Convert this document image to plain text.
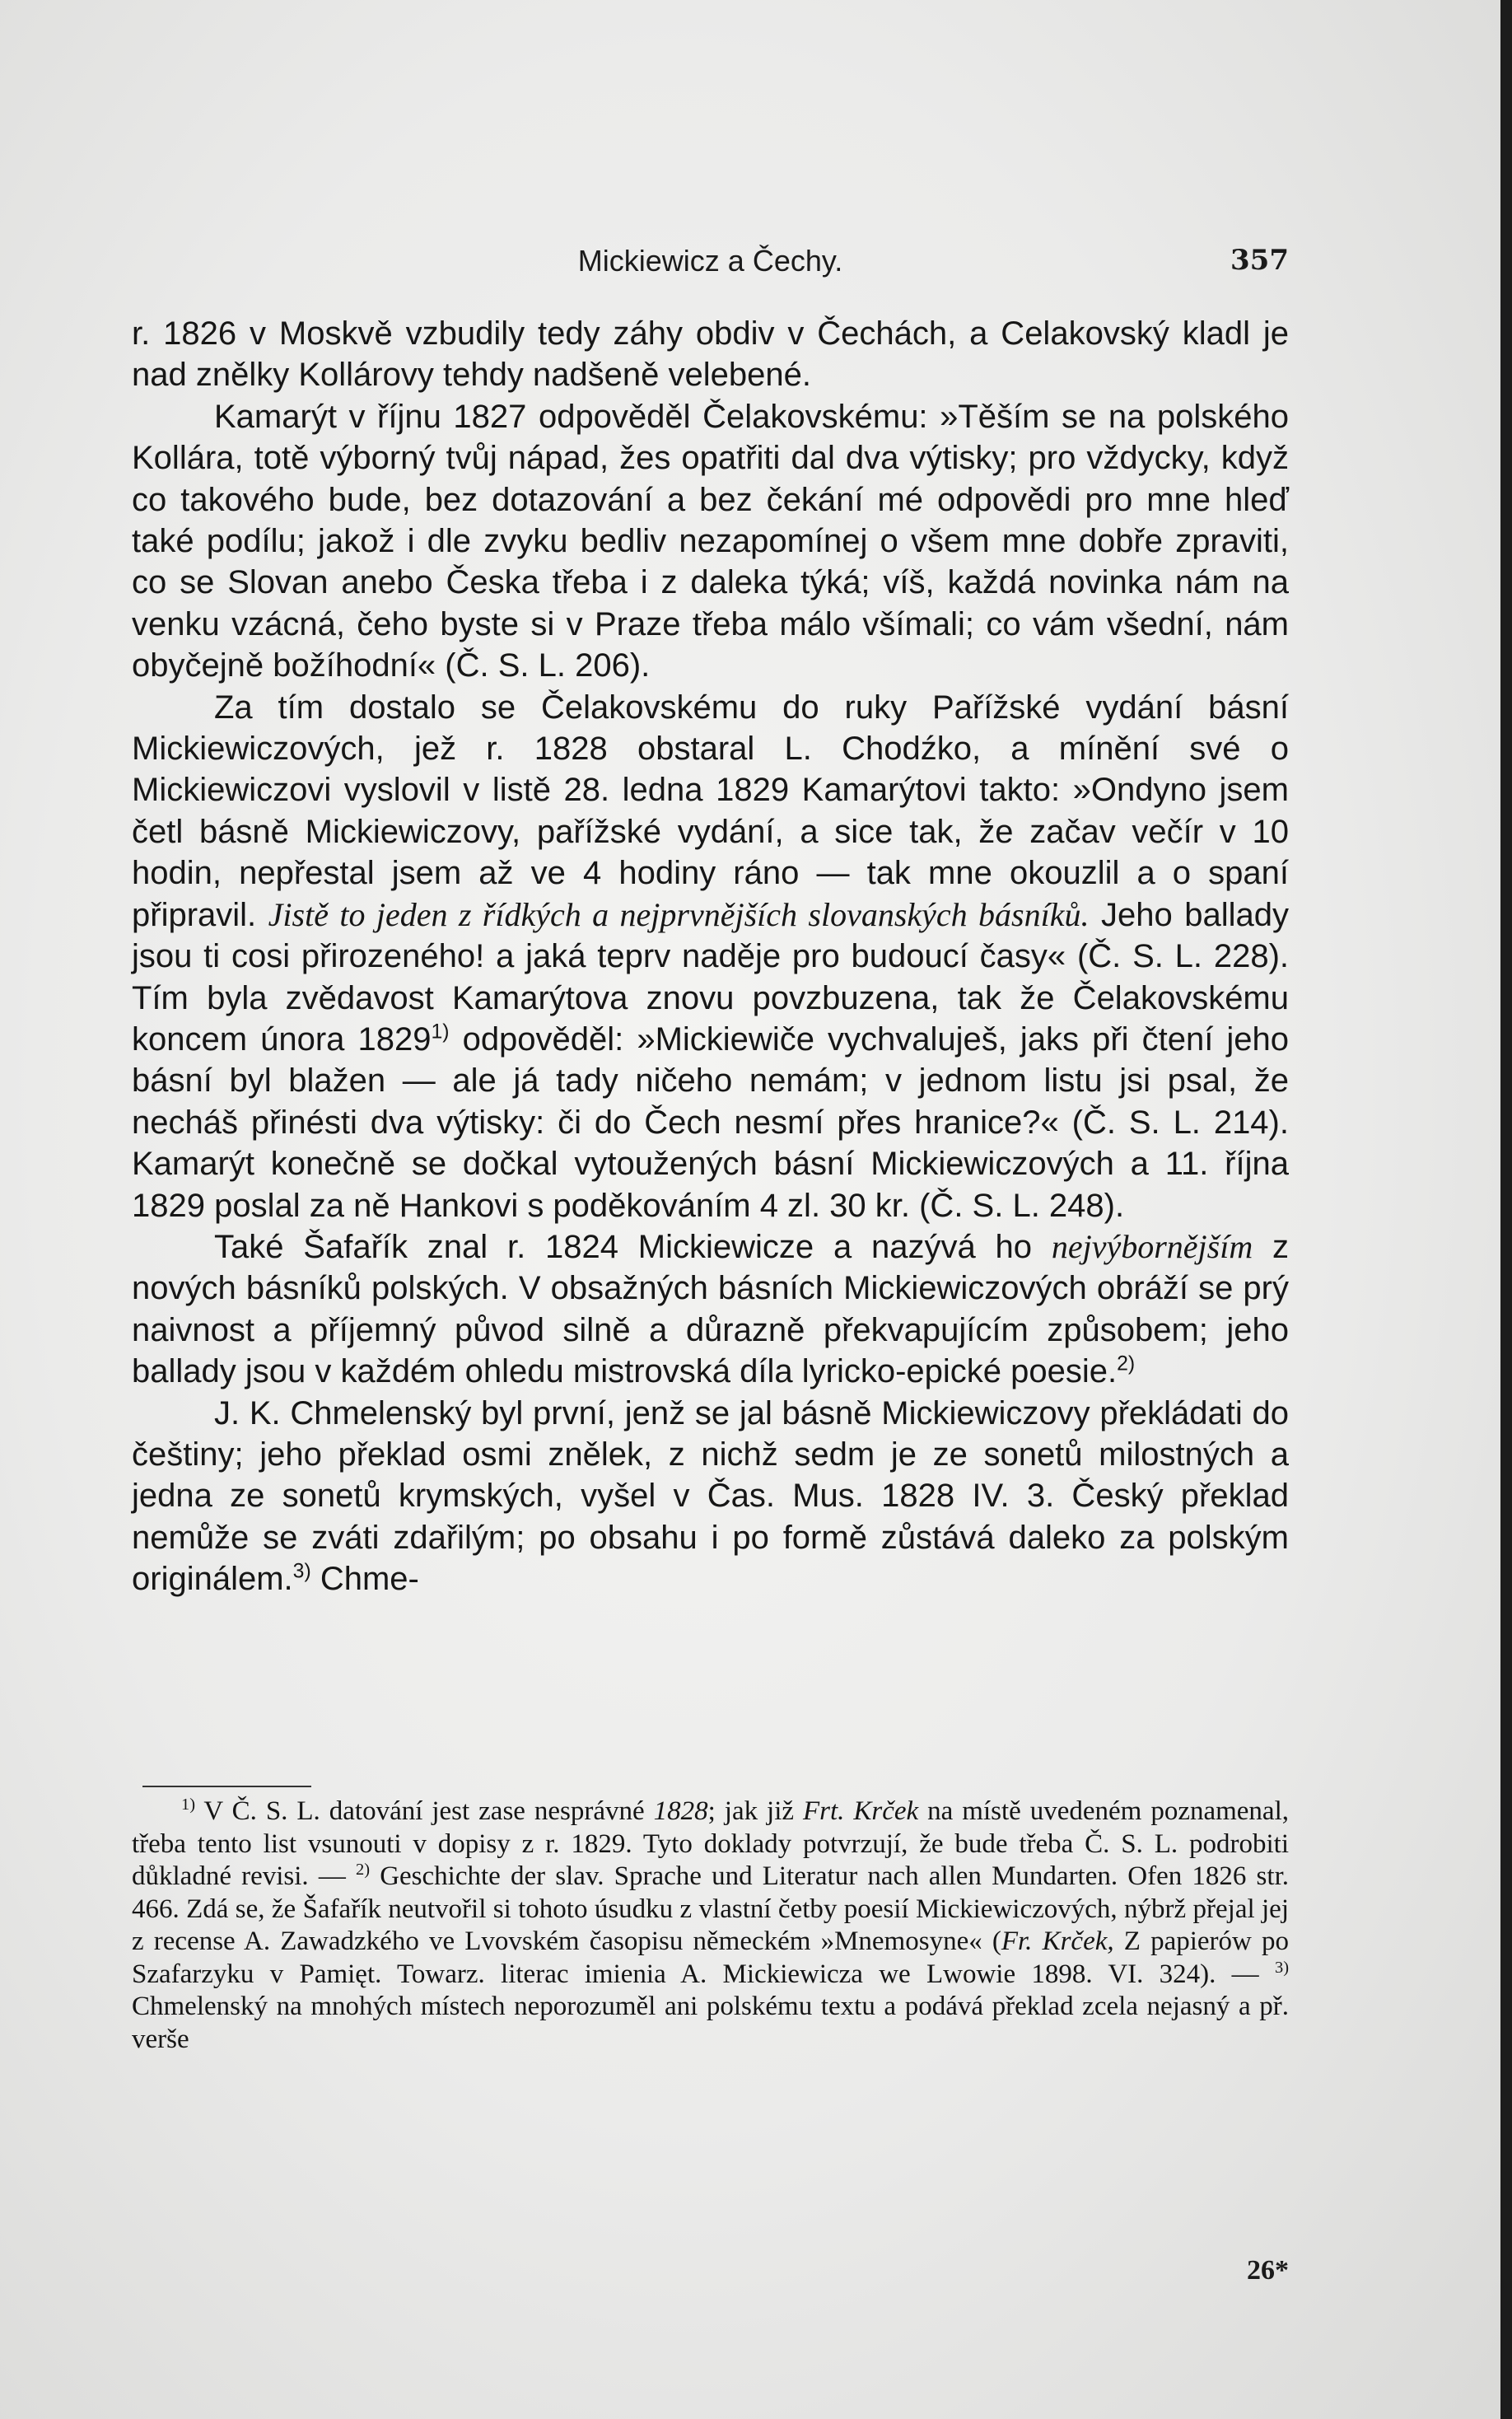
Mickiewicz a Čechy.	357

r. 1826 v Moskvě vzbudily tedy záhy obdiv v Čechách, a Celakovský kladl je nad znělky Kollárovy tehdy nadšeně velebené.

Kamarýt v říjnu 1827 odpověděl Čelakovskému: »Těším se na polského Kollára, totě výborný tvůj nápad, žes opatřiti dal dva výtisky; pro vždycky, když co takového bude, bez dotazování a bez čekání mé odpovědi pro mne hleď také podílu; jakož i dle zvyku bedliv nezapomínej o všem mne dobře zpraviti, co se Slovan anebo Česka třeba i z daleka týká; víš, každá novinka nám na venku vzácná, čeho byste si v Praze třeba málo všímali; co vám všední, nám obyčejně božíhodní« (Č. S. L. 206).

Za tím dostalo se Čelakovskému do ruky Pařížské vydání básní Mickiewiczových, jež r. 1828 obstaral L. Chodźko, a mínění své o Mickiewiczovi vyslovil v listě 28. ledna 1829 Kamarýtovi takto: »Ondyno jsem četl básně Mickiewiczovy, pařížské vydání, a sice tak, že začav večír v 10 hodin, nepřestal jsem až ve 4 hodiny ráno — tak mne okouzlil a o spaní připravil. Jistě to jeden z řídkých a nejprvnějších slovanských básníků. Jeho ballady jsou ti cosi přirozeného! a jaká teprv naděje pro budoucí časy« (Č. S. L. 228). Tím byla zvědavost Kamarýtova znovu povzbuzena, tak že Čelakovskému koncem února 1829$^{1)}$ odpověděl: »Mickiewiče vychvaluješ, jaks při čtení jeho básní byl blažen — ale já tady ničeho nemám; v jednom listu jsi psal, že necháš přinésti dva výtisky: či do Čech nesmí přes hranice?« (Č. S. L. 214). Kamarýt konečně se dočkal vytoužených básní Mickiewiczových a 11. října 1829 poslal za ně Hankovi s poděkováním 4 zl. 30 kr. (Č. S. L. 248).

Také Šafařík znal r. 1824 Mickiewicze a nazývá ho nejvýbornějším z nových básníků polských. V obsažných básních Mickiewiczových obráží se prý naivnost a příjemný původ silně a důrazně překvapujícím způsobem; jeho ballady jsou v každém ohledu mistrovská díla lyricko-epické poesie.$^{2)}$

J. K. Chmelenský byl první, jenž se jal básně Mickiewiczovy překládati do češtiny; jeho překlad osmi znělek, z nichž sedm je ze sonetů milostných a jedna ze sonetů krymských, vyšel v Čas. Mus. 1828 IV. 3. Český překlad nemůže se zváti zdařilým; po obsahu i po formě zůstává daleko za polským originálem.$^{3)}$ Chme-

$^{1)}$ V Č. S. L. datování jest zase nesprávné 1828; jak již Frt. Krček na místě uvedeném poznamenal, třeba tento list vsunouti v dopisy z r. 1829. Tyto doklady potvrzují, že bude třeba Č. S. L. podrobiti důkladné revisi. — $^{2)}$ Geschichte der slav. Sprache und Literatur nach allen Mundarten. Ofen 1826 str. 466. Zdá se, že Šafařík neutvořil si tohoto úsudku z vlastní četby poesií Mickiewiczových, nýbrž přejal jej z recense A. Zawadzkého ve Lvovském časopisu německém »Mnemosyne« (Fr. Krček, Z papierów po Szafarzyku v Pamięt. Towarz. literac imienia A. Mickiewicza we Lwowie 1898. VI. 324). — $^{3)}$ Chmelenský na mnohých místech neporozuměl ani polskému textu a podává překlad zcela nejasný a př. verše

26*
